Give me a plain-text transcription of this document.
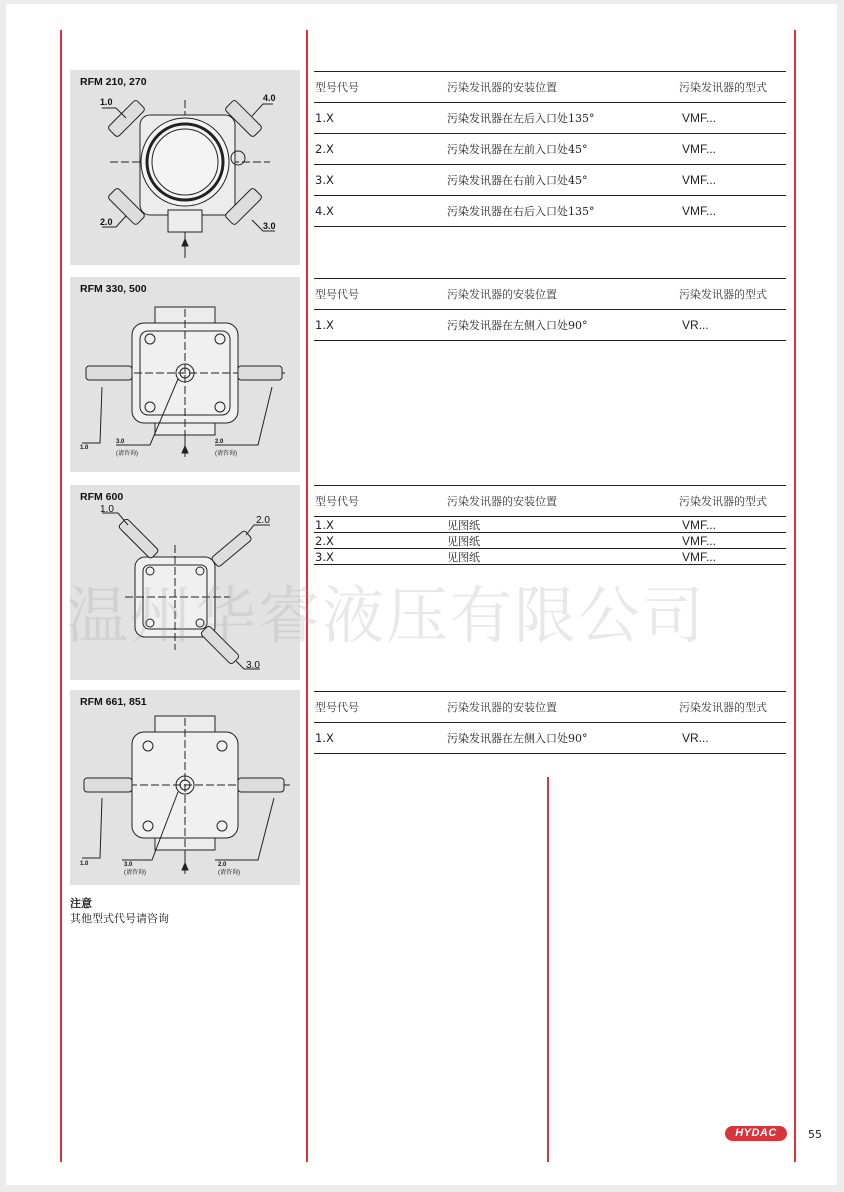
RFM 210, 270
1.0	4.0
2.0	3.0
RFM 330, 500
1.0
3.0
(请咨询)
2.0
(请咨询)
RFM 600
1.0
2.0
3.0
RFM 661, 851
1.0	3.0
(请咨询)
2.0
(请咨询)
型号代号	污染发讯器的安装位置	污染发讯器的型式
1.X	污染发讯器在左后入口处135°	VMF...
2.X	污染发讯器在左前入口处45°	VMF...
3.X	污染发讯器在右前入口处45°	VMF...
4.X	污染发讯器在右后入口处135°	VMF...
型号代号	污染发讯器的安装位置	污染发讯器的型式
1.X	污染发讯器在左侧入口处90°	VR...
型号代号	污染发讯器的安装位置	污染发讯器的型式
1.X	见图纸	VMF...
2.X	见图纸	VMF...
3.X	见图纸	VMF...
型号代号	污染发讯器的安装位置	污染发讯器的型式
1.X	污染发讯器在左侧入口处90°	VR...
注意
其他型式代号请咨询
温州华睿液压有限公司
HYDAC	55
